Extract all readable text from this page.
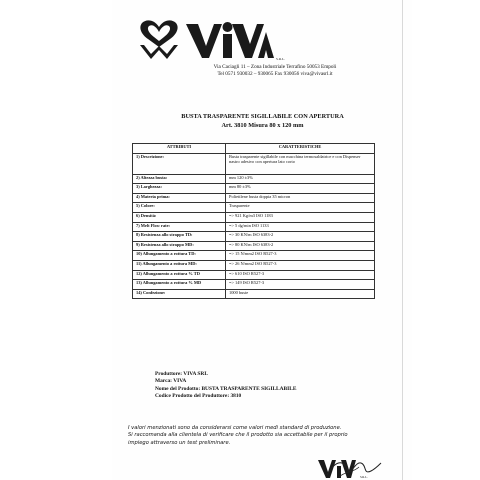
S.R.L.
Via Caciagli 11 – Zona Industriale Terrafino 50053 Empoli
Tel 0571 930032 – 930065 Fax 930056 viva@vivasrl.it
BUSTA TRASPARENTE SIGILLABILE CON APERTURA
Art. 3810 Misura 80 x 120 mm
ATTRIBUTI	CARATTERISTICHE
1) Descrizione:	Busta trasparente sigillabile con macchina termosaldatrice e con Dispenser nastro adesivo con apertura lato corto
2) Altezza busta:	mm 120 ±3%
3) Larghezza:	mm 80 ±3%
4) Materia prima:	Polietilene busta doppia 35 micron
5) Colore:	Trasparente
6) Densità:	=> 921 Kg/m3 ISO 1183
7) Melt Flow rate:	=> 5 dg/min ISO 1133
8) Resistenza allo strappo TD:	=> 30 KN/m ISO 6383-2
9) Resistenza allo strappo MD:	=> 80 KN/m ISO 6383-2
10) Allungamento a rottura TD:	=> 15 N/mm2 ISO R527-3
11) Allungamento a rottura MD:	=> 26 N/mm2 ISO R527-3
12) Allungamento a rottura % TD	=> 610 ISO R527-3
13) Allungamento a rottura % MD	=> 149 ISO R527-3
14) Confezione:	1000 buste
Produttore: VIVA SRL
Marca: VIVA
Nome del Prodotto: BUSTA TRASPARENTE SIGILLABILE
Codice Prodotto del Produttore: 3810
I valori menzionati sono da considerarsi come valori medi standard di produzione.
Si raccomanda alla clientela di verificare che il prodotto sia accettabile per il proprio
impiego attraverso un test preliminare.
S.R.L.
